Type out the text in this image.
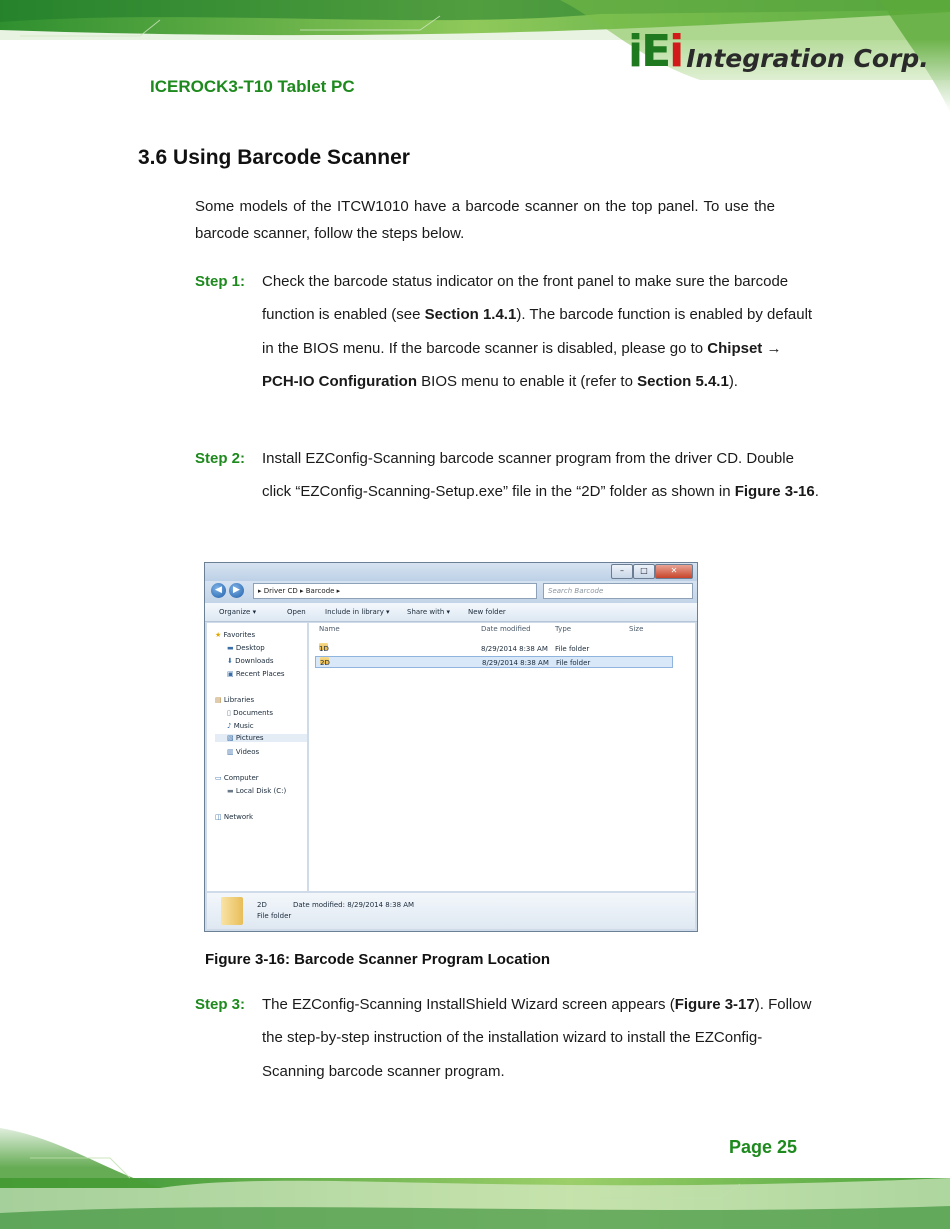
iEi Integration Corp.
ICEROCK3-T10 Tablet PC
3.6 Using Barcode Scanner
Some models of the ITCW1010 have a barcode scanner on the top panel. To use the barcode scanner, follow the steps below.
Step 1: Check the barcode status indicator on the front panel to make sure the barcode function is enabled (see Section 1.4.1). The barcode function is enabled by default in the BIOS menu. If the barcode scanner is disabled, please go to Chipset → PCH-IO Configuration BIOS menu to enable it (refer to Section 5.4.1).
Step 2: Install EZConfig-Scanning barcode scanner program from the driver CD. Double click “EZConfig-Scanning-Setup.exe” file in the “2D” folder as shown in Figure 3-16.
–	□	✕
◀	▶	▸ Driver CD ▸ Barcode ▸	Search Barcode
Organize ▾	Open	Include in library ▾ Share with ▾	New folder
★ Favorites
▬ Desktop
⬇ Downloads
▣ Recent Places
▤ Libraries
▯ Documents
♪ Music
▧ Pictures
▥ Videos
▭ Computer
▬ Local Disk (C:)
◫ Network
Name	Date modified	Type	Size
1D	8/29/2014 8:38 AM File folder
2D	8/29/2014 8:38 AM File folder
2D	Date modified: 8/29/2014 8:38 AM
File folder
Figure 3-16: Barcode Scanner Program Location
Step 3: The EZConfig-Scanning InstallShield Wizard screen appears (Figure 3-17). Follow the step-by-step instruction of the installation wizard to install the EZConfig-Scanning barcode scanner program.
Page 25
